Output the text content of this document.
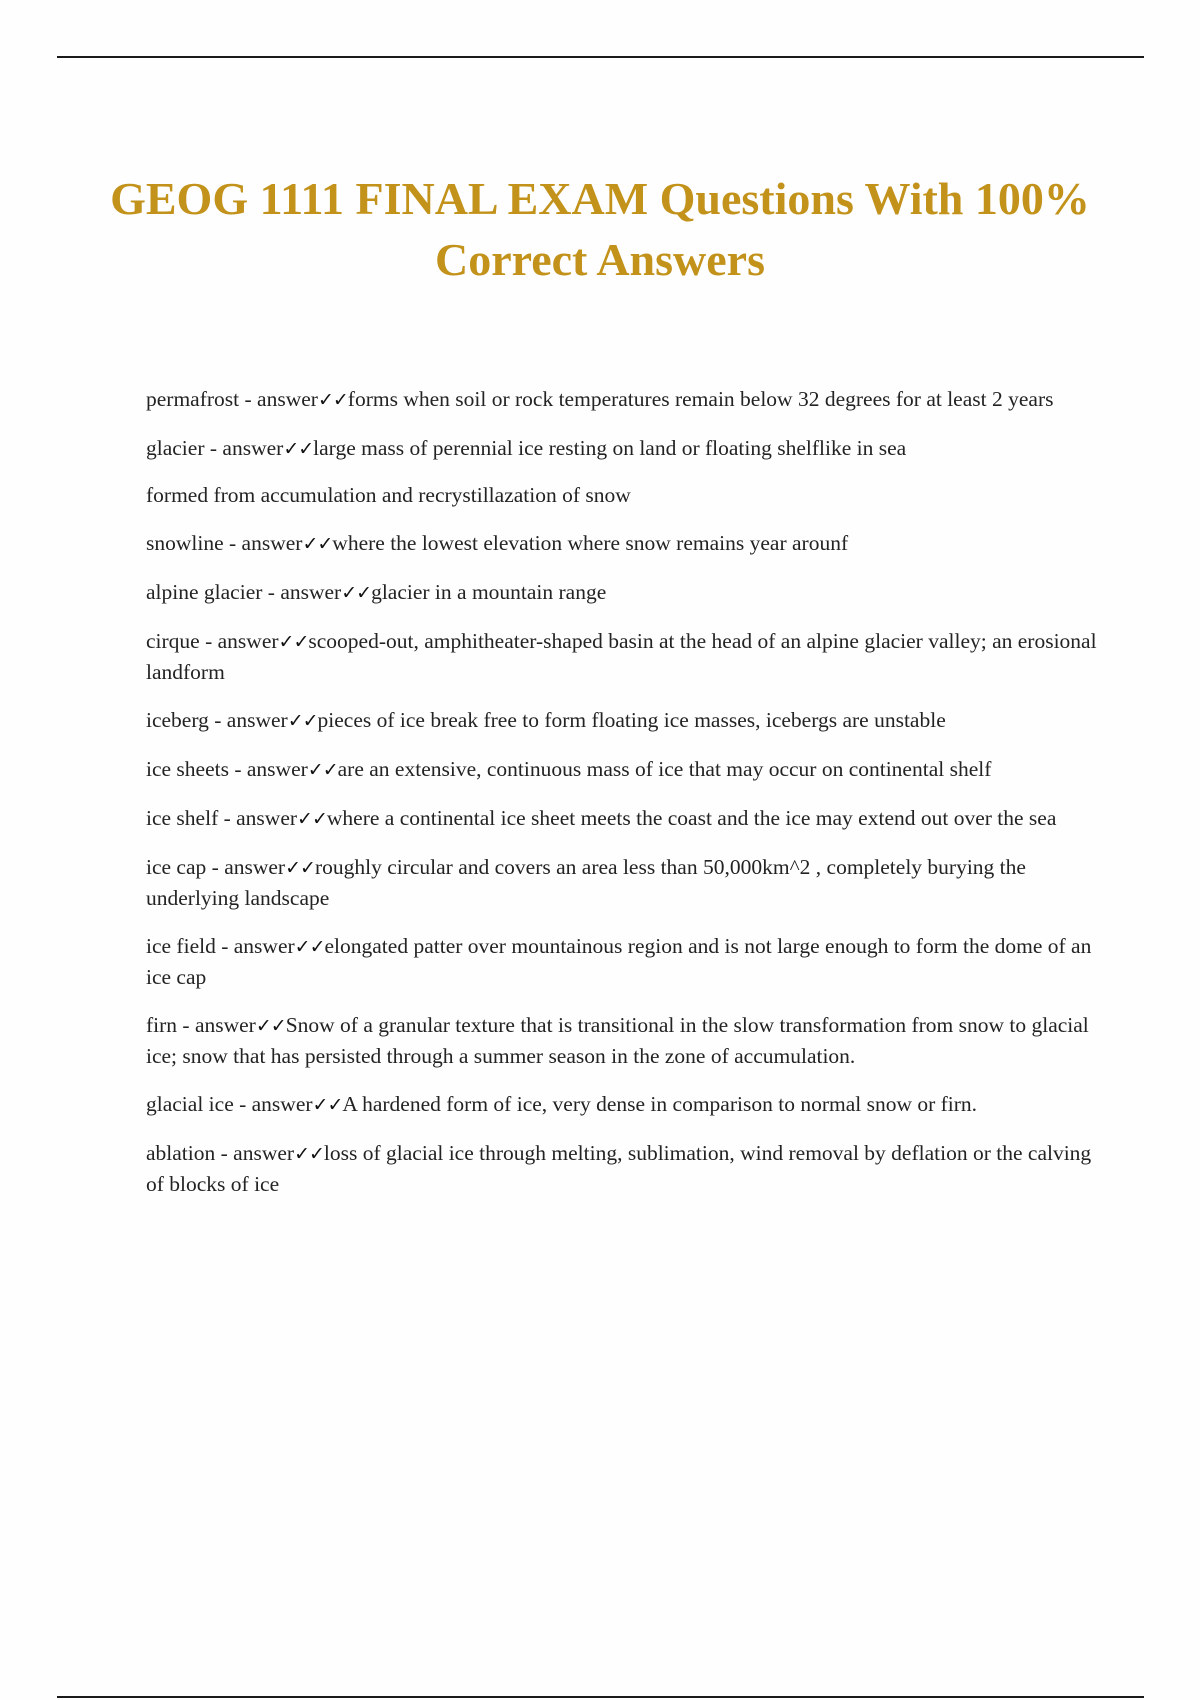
GEOG 1111 FINAL EXAM Questions With 100% Correct Answers
permafrost - answer✓✓forms when soil or rock temperatures remain below 32 degrees for at least 2 years
glacier - answer✓✓large mass of perennial ice resting on land or floating shelflike in sea
formed from accumulation and recrystillazation of snow
snowline - answer✓✓where the lowest elevation where snow remains year arounf
alpine glacier - answer✓✓glacier in a mountain range
cirque - answer✓✓scooped-out, amphitheater-shaped basin at the head of an alpine glacier valley; an erosional landform
iceberg - answer✓✓pieces of ice break free to form floating ice masses, icebergs are unstable
ice sheets - answer✓✓are an extensive, continuous mass of ice that may occur on continental shelf
ice shelf - answer✓✓where a continental ice sheet meets the coast and the ice may extend out over the sea
ice cap - answer✓✓roughly circular and covers an area less than 50,000km^2 , completely burying the underlying landscape
ice field - answer✓✓elongated patter over mountainous region and is not large enough to form the dome of an ice cap
firn - answer✓✓Snow of a granular texture that is transitional in the slow transformation from snow to glacial ice; snow that has persisted through a summer season in the zone of accumulation.
glacial ice - answer✓✓A hardened form of ice, very dense in comparison to normal snow or firn.
ablation - answer✓✓loss of glacial ice through melting, sublimation, wind removal by deflation or the calving of blocks of ice
